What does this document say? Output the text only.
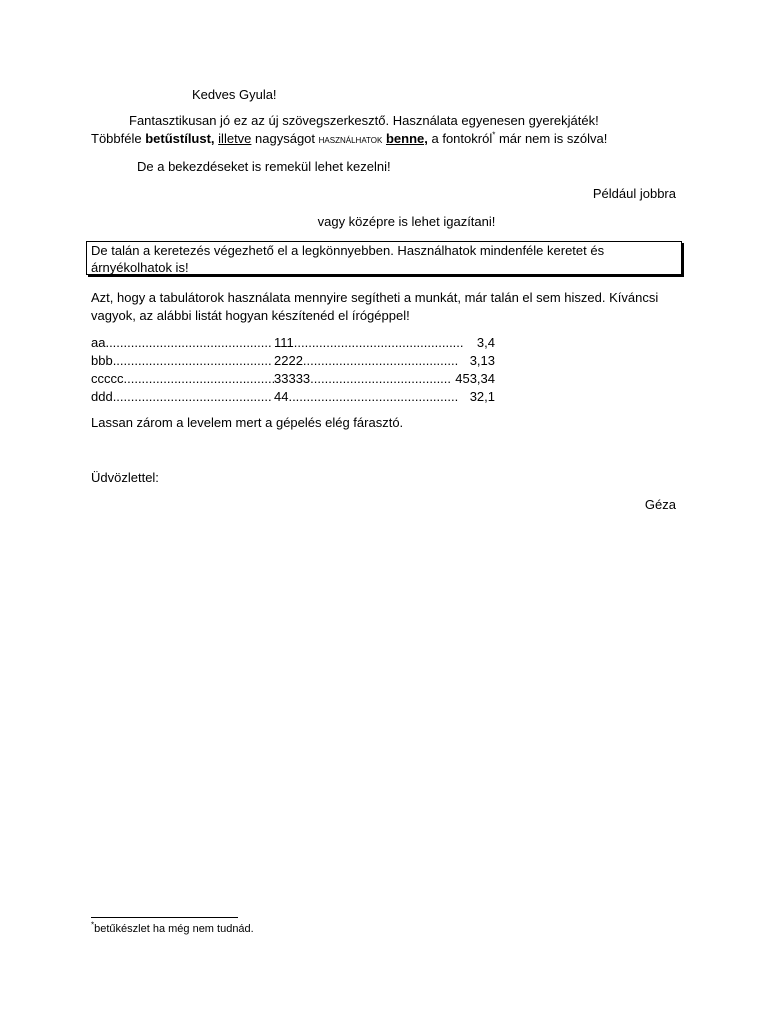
Kedves Gyula!
Fantasztikusan jó ez az új szövegszerkesztő. Használata egyenesen gyerekjáték!
Többféle betűstílust, illetve nagyságot használhatok benne, a fontokról* már nem is szólva!
De a bekezdéseket is remekül lehet kezelni!
Például jobbra
vagy középre is lehet igazítani!
De talán a keretezés végezhető el a legkönnyebben. Használhatok mindenféle keretet és árnyékolhatok is!
Azt, hogy a tabulátorok használata mennyire segítheti a munkát, már talán el sem hiszed. Kíváncsi vagyok, az alábbi listát hogyan készítenéd el írógéppel!
aa.............................................. 111............................................... 3,4
bbb............................................ 2222........................................... 3,13
ccccc..........................................
33333....................................... 453,34
ddd............................................ 44............................................... 32,1
Lassan zárom a levelem mert a gépelés elég fárasztó.
Üdvözlettel:
Géza
*betűkészlet ha még nem tudnád.
